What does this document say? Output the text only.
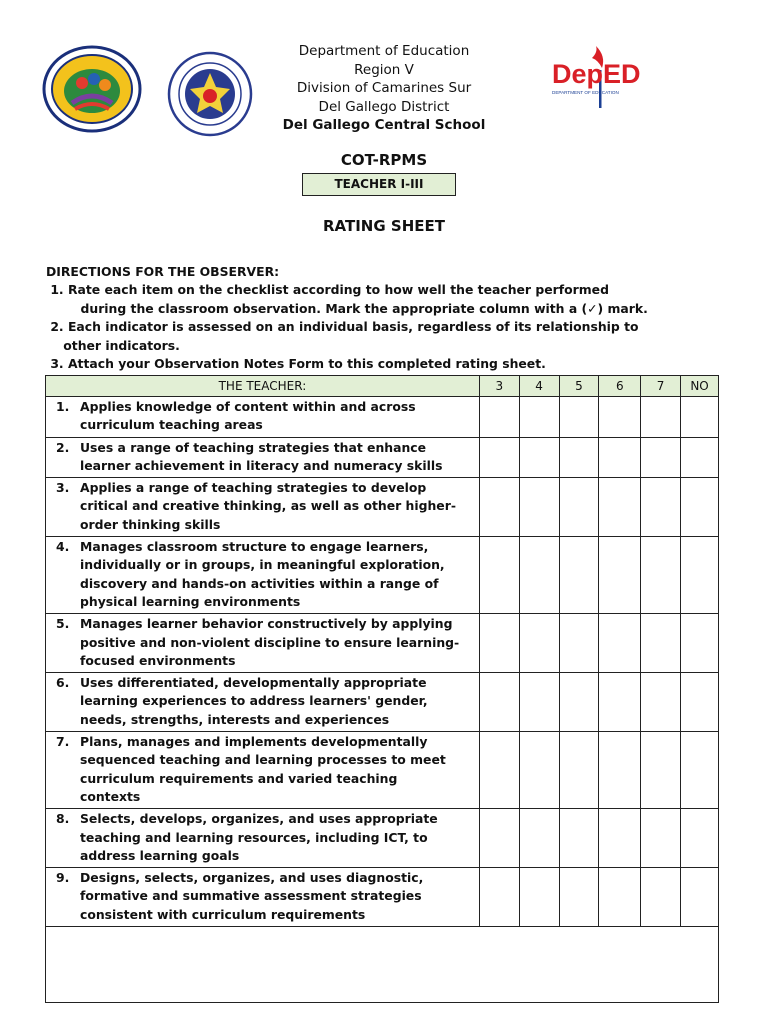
DepED
DEPARTMENT OF EDUCATION
Department of Education
Region V
Division of Camarines Sur
Del Gallego District
Del Gallego Central School
COT-RPMS
TEACHER I-III
RATING SHEET
DIRECTIONS FOR THE OBSERVER:
1. Rate each item on the checklist according to how well the teacher performed
during the classroom observation. Mark the appropriate column with a (✓) mark.
2. Each indicator is assessed on an individual basis, regardless of its relationship to
other indicators.
3. Attach your Observation Notes Form to this completed rating sheet.
THE TEACHER:	3	4	5	6	7	NO
1. Applies knowledge of content within and across
curriculum teaching areas						
2. Uses a range of teaching strategies that enhance
learner achievement in literacy and numeracy skills						
3. Applies a range of teaching strategies to develop
critical and creative thinking, as well as other higher-
order thinking skills						
4. Manages classroom structure to engage learners,
individually or in groups, in meaningful exploration,
discovery and hands-on activities within a range of
physical learning environments						
5. Manages learner behavior constructively by applying
positive and non-violent discipline to ensure learning-
focused environments						
6. Uses differentiated, developmentally appropriate
learning experiences to address learners' gender,
needs, strengths, interests and experiences						
7. Plans, manages and implements developmentally
sequenced teaching and learning processes to meet
curriculum requirements and varied teaching
contexts						
8. Selects, develops, organizes, and uses appropriate
teaching and learning resources, including ICT, to
address learning goals						
9. Designs, selects, organizes, and uses diagnostic,
formative and summative assessment strategies
consistent with curriculum requirements						
